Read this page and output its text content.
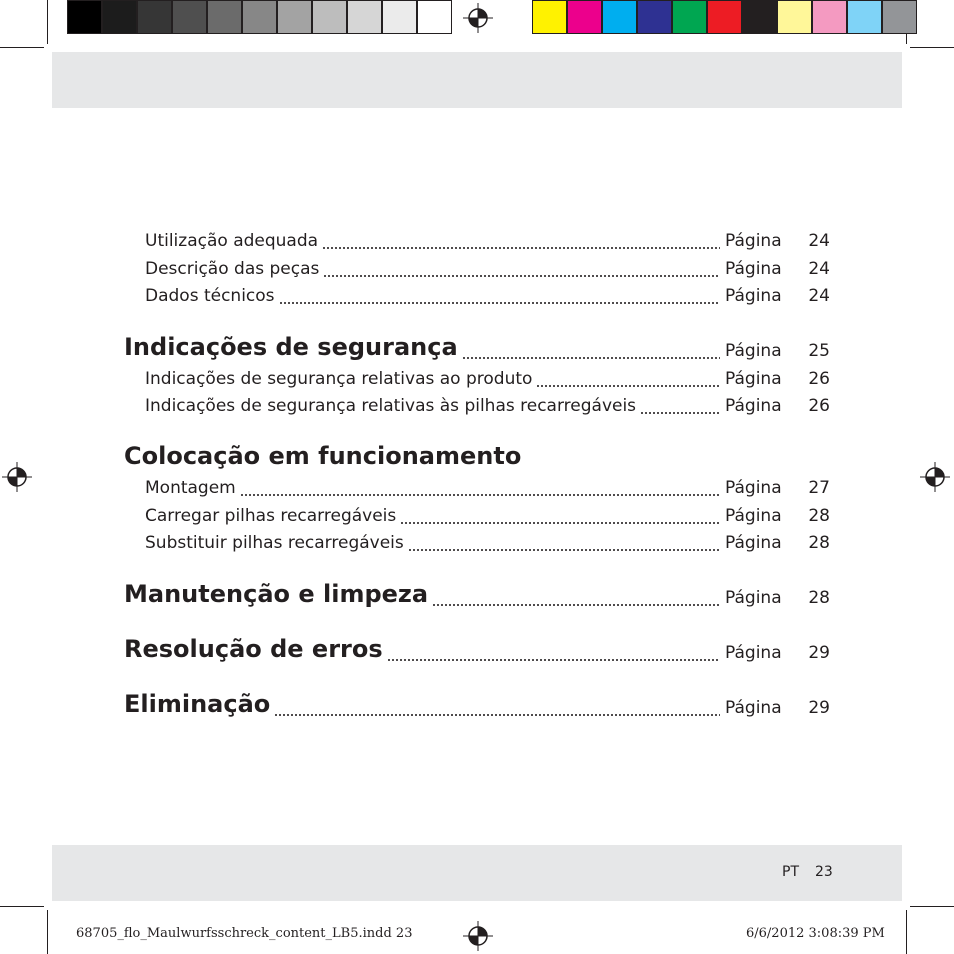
PT 23
Utilização adequada	Página 24
Descrição das peças	Página 24
Dados técnicos	Página 24
Indicações de segurança	Página 25
Indicações de segurança relativas ao produto	Página 26
Indicações de segurança relativas às pilhas recarregáveis	Página 26
Colocação em funcionamento
Montagem	Página 27
Carregar pilhas recarregáveis	Página 28
Substituir pilhas recarregáveis	Página 28
Manutenção e limpeza	Página 28
Resolução de erros	Página 29
Eliminação	Página 29
68705_flo_Maulwurfsschreck_content_LB5.indd 23	6/6/2012 3:08:39 PM
